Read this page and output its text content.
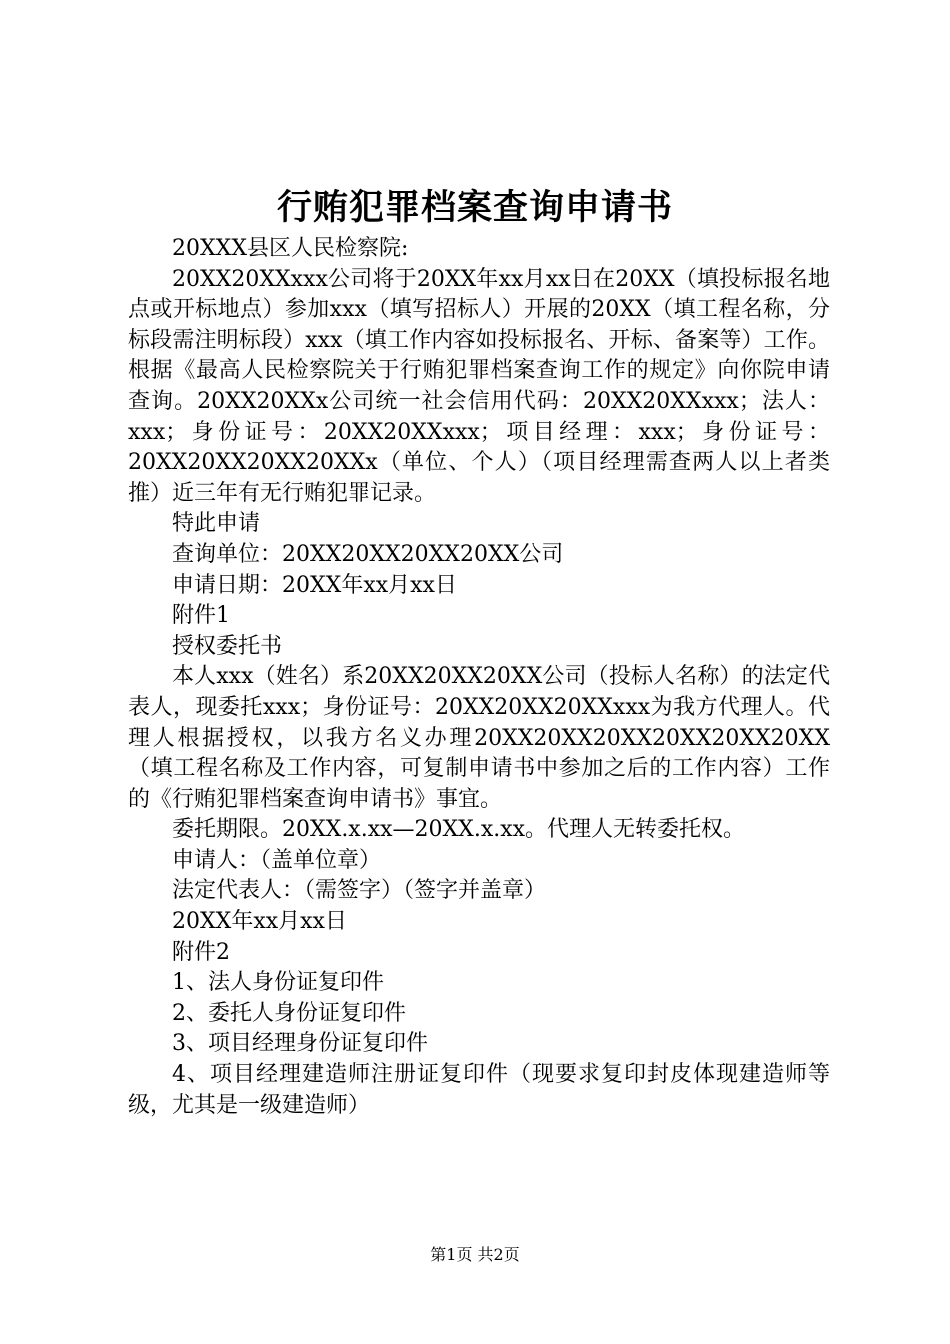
行贿犯罪档案查询申请书

20XXX县区人民检察院:

20XX20XXxxx公司将于20XX年xx月xx日在20XX（填投标报名地点或开标地点）参加xxx（填写招标人）开展的20XX（填工程名称，分标段需注明标段）xxx（填工作内容如投标报名、开标、备案等）工作。根据《最高人民检察院关于行贿犯罪档案查询工作的规定》向你院申请查询。20XX20XXx公司统一社会信用代码：20XX20XXxxx；法人：xxx；身份证号：20XX20XXxxx；项目经理：xxx；身份证号：20XX20XX20XX20XXx（单位、个人）（项目经理需查两人以上者类推）近三年有无行贿犯罪记录。

特此申请

查询单位：20XX20XX20XX20XX公司

申请日期：20XX年xx月xx日

附件1

授权委托书

本人xxx（姓名）系20XX20XX20XX公司（投标人名称）的法定代表人，现委托xxx；身份证号：20XX20XX20XXxxx为我方代理人。代理人根据授权，以我方名义办理20XX20XX20XX20XX20XX20XX（填工程名称及工作内容，可复制申请书中参加之后的工作内容）工作的《行贿犯罪档案查询申请书》事宜。

委托期限。20XX.x.xx—20XX.x.xx。代理人无转委托权。

申请人：（盖单位章）

法定代表人：（需签字）（签字并盖章）

20XX年xx月xx日

附件2

1、法人身份证复印件

2、委托人身份证复印件

3、项目经理身份证复印件

4、项目经理建造师注册证复印件（现要求复印封皮体现建造师等级，尤其是一级建造师）

第1页 共2页
